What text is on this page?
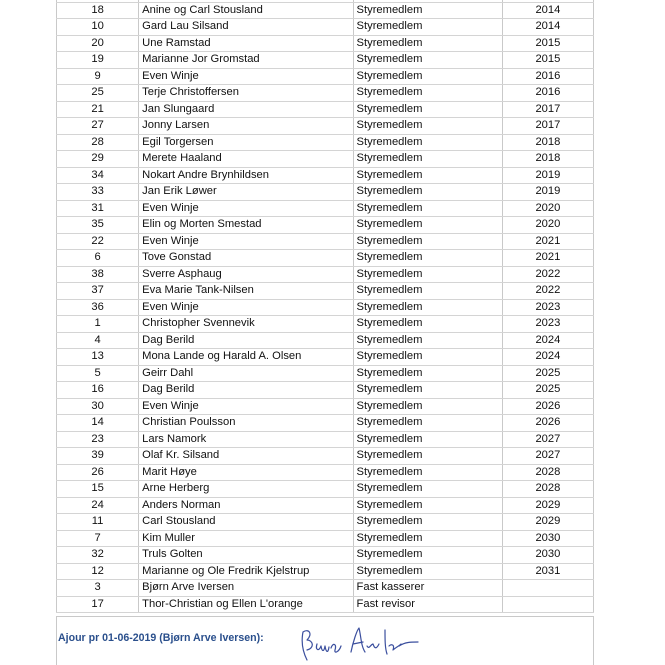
18	Anine og Carl Stousland	Styremedlem	2014
10	Gard Lau Silsand	Styremedlem	2014
20	Une Ramstad	Styremedlem	2015
19	Marianne Jor Gromstad	Styremedlem	2015
9	Even Winje	Styremedlem	2016
25	Terje Christoffersen	Styremedlem	2016
21	Jan Slungaard	Styremedlem	2017
27	Jonny Larsen	Styremedlem	2017
28	Egil Torgersen	Styremedlem	2018
29	Merete Haaland	Styremedlem	2018
34	Nokart Andre Brynhildsen	Styremedlem	2019
33	Jan Erik Løwer	Styremedlem	2019
31	Even Winje	Styremedlem	2020
35	Elin og Morten Smestad	Styremedlem	2020
22	Even Winje	Styremedlem	2021
6	Tove Gonstad	Styremedlem	2021
38	Sverre Asphaug	Styremedlem	2022
37	Eva Marie Tank-Nilsen	Styremedlem	2022
36	Even Winje	Styremedlem	2023
1	Christopher Svennevik	Styremedlem	2023
4	Dag Berild	Styremedlem	2024
13	Mona Lande og Harald A. Olsen	Styremedlem	2024
5	Geirr Dahl	Styremedlem	2025
16	Dag Berild	Styremedlem	2025
30	Even Winje	Styremedlem	2026
14	Christian Poulsson	Styremedlem	2026
23	Lars Namork	Styremedlem	2027
39	Olaf Kr. Silsand	Styremedlem	2027
26	Marit Høye	Styremedlem	2028
15	Arne Herberg	Styremedlem	2028
24	Anders Norman	Styremedlem	2029
11	Carl Stousland	Styremedlem	2029
7	Kim Muller	Styremedlem	2030
32	Truls Golten	Styremedlem	2030
12	Marianne og Ole Fredrik Kjelstrup	Styremedlem	2031
3	Bjørn Arve Iversen	Fast kasserer	
17	Thor-Christian og Ellen L'orange	Fast revisor	
Ajour pr 01-06-2019 (Bjørn Arve Iversen):
